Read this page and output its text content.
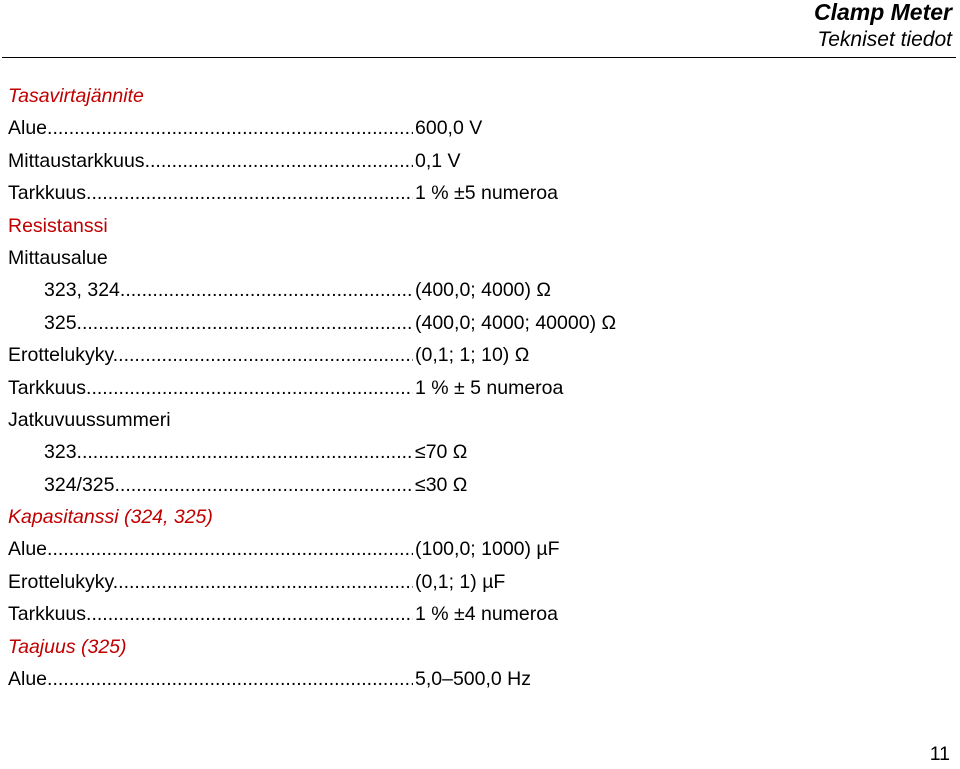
Clamp Meter
Tekniset tiedot
Tasavirtajännite
Alue .....	600,0 V
Mittaustarkkuus .....	0,1 V
Tarkkuus .....	1 % ±5 numeroa
Resistanssi
Mittausalue
323, 324 .....	(400,0; 4000) Ω
325 .....	(400,0; 4000; 40000) Ω
Erottelukyky .....	(0,1; 1; 10) Ω
Tarkkuus .....	1 % ± 5 numeroa
Jatkuvuussummeri
323 .....	≤70 Ω
324/325 .....	≤30 Ω
Kapasitanssi (324, 325)
Alue .....	(100,0; 1000) µF
Erottelukyky .....	(0,1; 1) µF
Tarkkuus .....	1 % ±4 numeroa
Taajuus (325)
Alue .....	5,0–500,0 Hz
11
